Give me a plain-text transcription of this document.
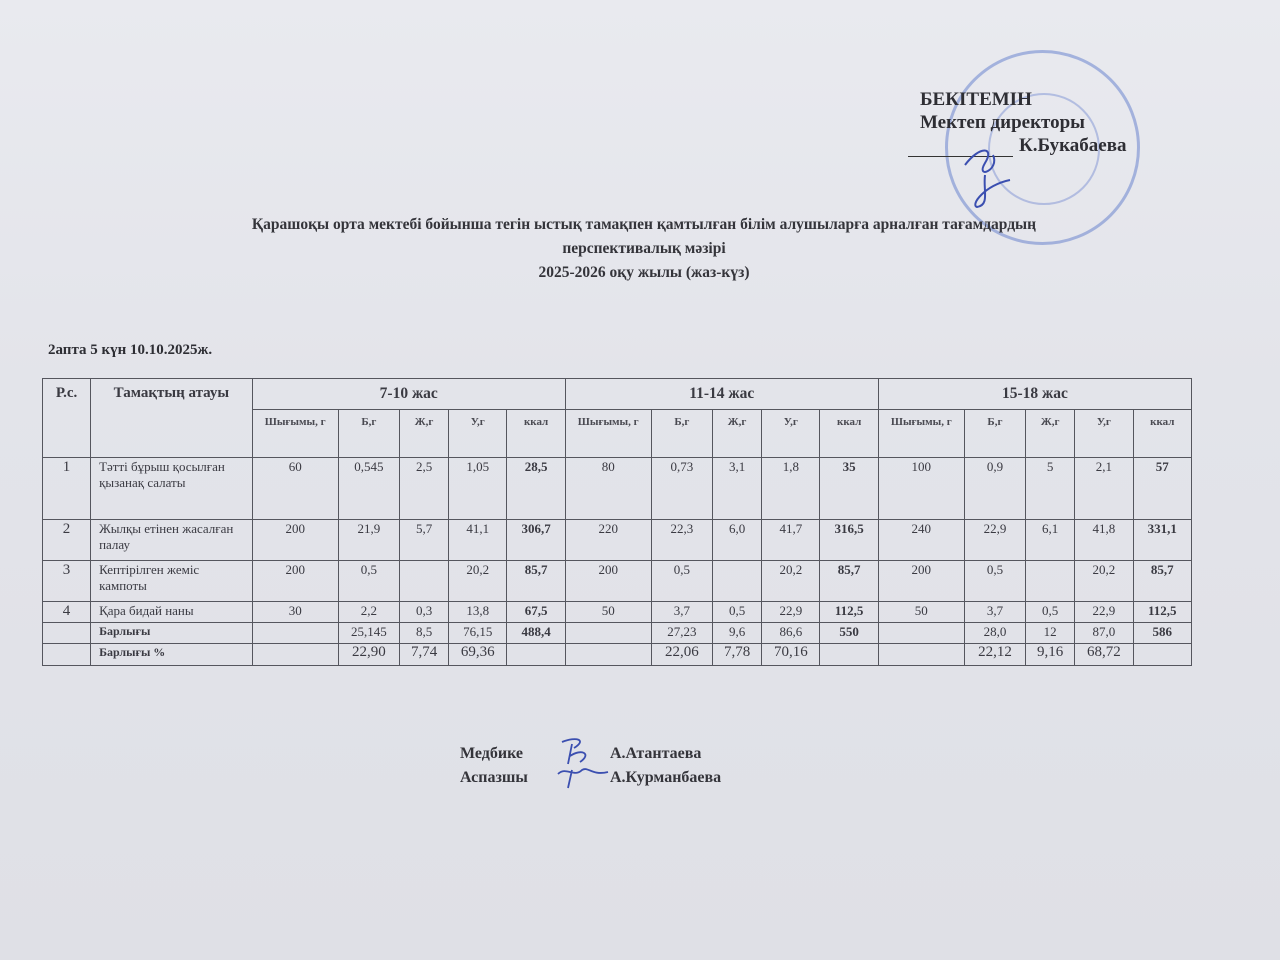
БЕКІТЕМІН
Мектеп директоры
К.Букабаева
Қарашоқы орта мектебі бойынша тегін ыстық тамақпен қамтылған білім алушыларға арналған тағамдардың
перспективалық мәзірі
2025-2026 оқу жылы (жаз-күз)
2апта 5 күн 10.10.2025ж.
Р.с.	Тамақтың атауы	7-10 жас					11-14 жас					15-18 жас				
		Шығымы, г	Б,г	Ж,г	У,г	ккал	Шығымы, г	Б,г	Ж,г	У,г	ккал	Шығымы, г	Б,г	Ж,г	У,г	ккал
1	Тәтті бұрыш қосылған қызанақ салаты	60	0,545	2,5	1,05	28,5	80	0,73	3,1	1,8	35	100	0,9	5	2,1	57
2	Жылқы етінен жасалған палау	200	21,9	5,7	41,1	306,7	220	22,3	6,0	41,7	316,5	240	22,9	6,1	41,8	331,1
3	Кептірілген жеміс кампоты	200	0,5		20,2	85,7	200	0,5		20,2	85,7	200	0,5		20,2	85,7
4	Қара бидай наны	30	2,2	0,3	13,8	67,5	50	3,7	0,5	22,9	112,5	50	3,7	0,5	22,9	112,5
	Барлығы		25,145	8,5	76,15	488,4		27,23	9,6	86,6	550		28,0	12	87,0	586
	Барлығы %		22,90	7,74	69,36			22,06	7,78	70,16			22,12	9,16	68,72	
Медбике	А.Атантаева
Аспазшы	А.Курманбаева
